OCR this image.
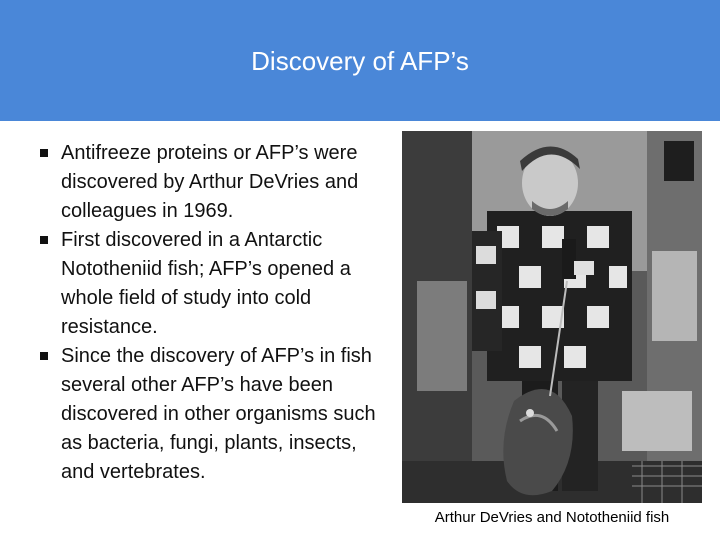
Discovery of AFP’s
Antifreeze proteins or AFP’s were discovered by Arthur DeVries and colleagues in 1969.
First discovered in a Antarctic Nototheniid fish; AFP’s opened a whole field of study into cold resistance.
Since the discovery of AFP’s in fish several other AFP’s have been discovered in other organisms such as bacteria, fungi, plants, insects, and vertebrates.
Arthur DeVries and Nototheniid fish
